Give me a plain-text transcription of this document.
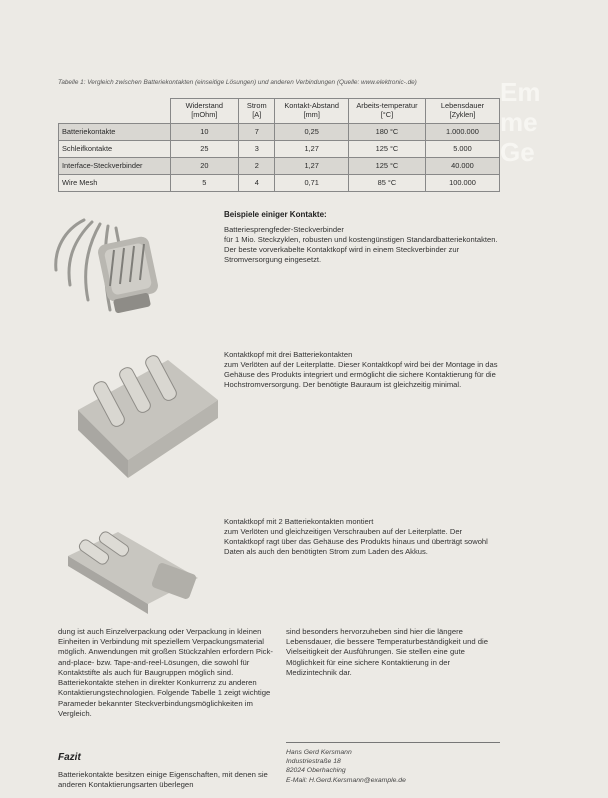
Em
me
Ge
Tabelle 1: Vergleich zwischen Batteriekontakten (einseitige Lösungen) und anderen Verbindungen (Quelle: www.elektronic-.de)
	Widerstand [mOhm]	Strom [A]	Kontakt-Abstand [mm]	Arbeits-temperatur [°C]	Lebensdauer [Zyklen]
Batteriekontakte	10	7	0,25	180 °C	1.000.000
Schleifkontakte	25	3	1,27	125 °C	5.000
Interface-Steckverbinder	20	2	1,27	125 °C	40.000
Wire Mesh	5	4	0,71	85 °C	100.000
Beispiele einiger Kontakte:

Batteriesprengfeder-Steckverbinder

für 1 Mio. Steckzyklen, robusten und kostengünstigen Standardbatteriekontakten. Der beste vorverkabelte Kontaktkopf wird in einem Steckverbinder zur Stromversorgung eingesetzt.

Kontaktkopf mit drei Batteriekontakten

zum Verlöten auf der Leiterplatte. Dieser Kontaktkopf wird bei der Montage in das Gehäuse des Produkts integriert und ermöglicht die sichere Kontaktierung für die Hochstromversorgung. Der benötigte Bauraum ist gleichzeitig minimal.

Kontaktkopf mit 2 Batteriekontakten montiert

zum Verlöten und gleichzeitigen Verschrauben auf der Leiterplatte. Der Kontaktkopf ragt über das Gehäuse des Produkts hinaus und überträgt sowohl Daten als auch den benötigten Strom zum Laden des Akkus.

dung ist auch Einzelverpackung oder Verpackung in kleinen Einheiten in Verbindung mit speziellem Verpackungsmaterial möglich. Anwendungen mit großen Stückzahlen erfordern Pick-and-place- bzw. Tape-and-reel-Lösungen, die sowohl für Kontaktstifte als auch für Baugruppen möglich sind.

Batteriekontakte stehen in direkter Konkurrenz zu anderen Kontaktierungstechnologien. Folgende Tabelle 1 zeigt wichtige Parameder bekannter Steckverbindungsmöglichkeiten im Vergleich.

sind besonders hervorzuheben sind hier die längere Lebensdauer, die bessere Temperaturbeständigkeit und die Vielseitigkeit der Ausführungen. Sie stellen eine gute Möglichkeit für eine sichere Kontaktierung in der Medizintechnik dar.

Fazit
Batteriekontakte besitzen einige Eigenschaften, mit denen sie anderen Kontaktierungsarten überlegen
Hans Gerd Kersmann
Industriestraße 18
82024 Oberhaching
E-Mail: H.Gerd.Kersmann@example.de
